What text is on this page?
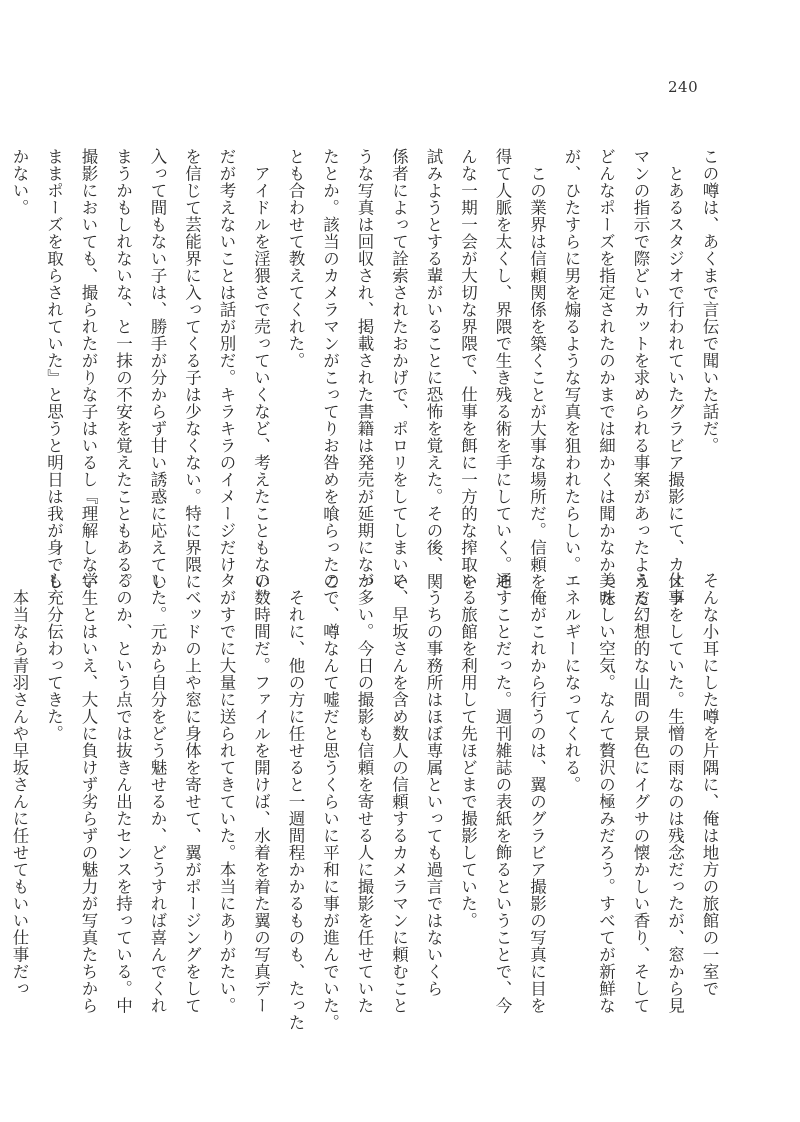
240
この噂は、あくまで言伝で聞いた話だ。
　とあるスタジオで行われていたグラビア撮影にて、カメラ
マンの指示で際どいカットを求められる事案があったようだ。
どんなポーズを指定されたのかまでは細かくは聞かなかった
が、ひたすらに男を煽るような写真を狙われたらしい。
　この業界は信頼関係を築くことが大事な場所だ。信頼を
得て人脈を太くし、界隈で生き残る術を手にしていく。そ
んな一期一会が大切な界隈で、仕事を餌に一方的な搾取を
試みようとする輩がいることに恐怖を覚えた。その後、関
係者によって詮索されたおかげで、ポロリをしてしまいそ
うな写真は回収され、掲載された書籍は発売が延期になっ
たとか。該当のカメラマンがこってりお咎めを喰らったこ
とも合わせて教えてくれた。
　アイドルを淫猥さで売っていくなど、考えたこともない。
だが考えないことは話が別だ。キラキラのイメージだけ
を信じて芸能界に入ってくる子は少なくない。特に界隈に
入って間もない子は、勝手が分からず甘い誘惑に応えてし
まうかもしれないな、と一抹の不安を覚えたこともある。
撮影においても、撮られたがりな子はいるし『理解しない
ままポーズを取らされていた』と思うと明日は我が身でし
かない。
そんな小耳にした噂を片隅に、俺は地方の旅館の一室で
仕事をしていた。生憎の雨なのは残念だったが、窓から見
える幻想的な山間の景色にイグサの懐かしい香り、そして
美味しい空気。なんて贅沢の極みだろう。すべてが新鮮な
エネルギーになってくれる。
　俺がこれから行うのは、翼のグラビア撮影の写真に目を
通すことだった。週刊雑誌の表紙を飾るということで、今
いる旅館を利用して先ほどまで撮影していた。
　うちの事務所はほぼ専属といっても過言ではないくら
い、早坂さんを含め数人の信頼するカメラマンに頼むこと
が多い。今日の撮影も信頼を寄せる人に撮影を任せていた
ので、噂なんて嘘だと思うくらいに平和に事が進んでいた。
　それに、他の方に任せると一週間程かかるものも、たった
の数時間だ。ファイルを開けば、水着を着た翼の写真デー
タがすでに大量に送られてきていた。本当にありがたい。
　ベッドの上や窓に身体を寄せて、翼がポージングをして
いた。元から自分をどう魅せるか、どうすれば喜んでくれ
るのか、という点では抜きん出たセンスを持っている。中
学生とはいえ、大人に負けず劣らずの魅力が写真たちから
も充分伝わってきた。
　本当なら青羽さんや早坂さんに任せてもいい仕事だっ
